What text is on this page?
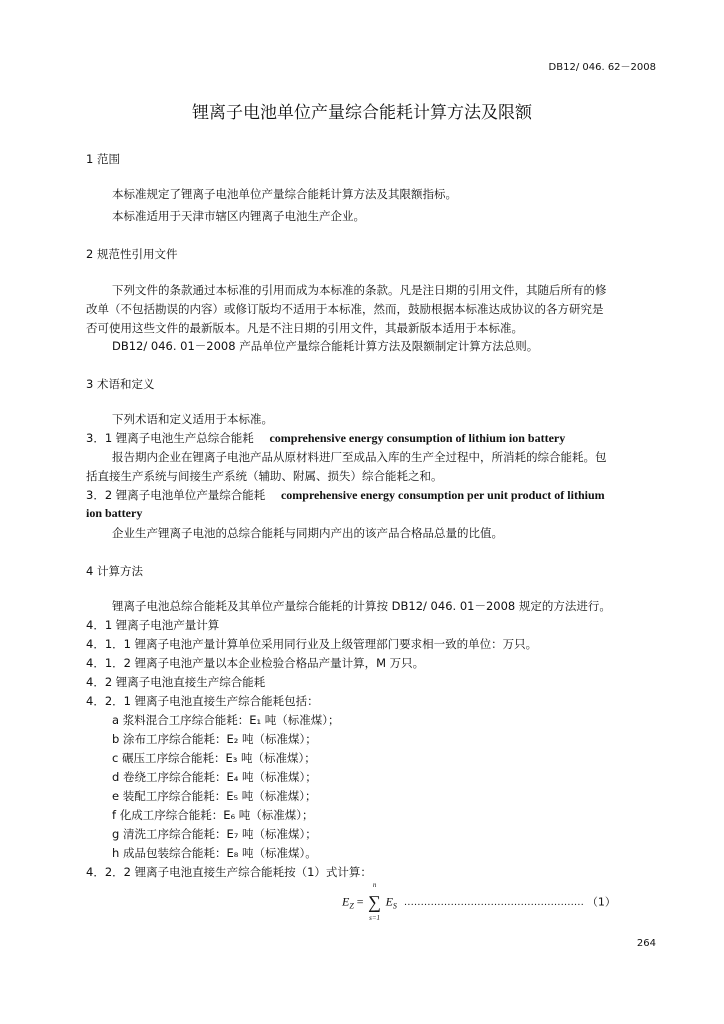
DB12/ 046. 62－2008
锂离子电池单位产量综合能耗计算方法及限额
1 范围
本标准规定了锂离子电池单位产量综合能耗计算方法及其限额指标。
本标准适用于天津市辖区内锂离子电池生产企业。
2 规范性引用文件
下列文件的条款通过本标准的引用而成为本标准的条款。凡是注日期的引用文件，其随后所有的修
改单（不包括勘误的内容）或修订版均不适用于本标准，然而，鼓励根据本标准达成协议的各方研究是
否可使用这些文件的最新版本。凡是不注日期的引用文件，其最新版本适用于本标准。
DB12/ 046. 01－2008 产品单位产量综合能耗计算方法及限额制定计算方法总则。
3 术语和定义
下列术语和定义适用于本标准。
3．1 锂离子电池生产总综合能耗 comprehensive energy consumption of lithium ion battery
报告期内企业在锂离子电池产品从原材料进厂至成品入库的生产全过程中，所消耗的综合能耗。包
括直接生产系统与间接生产系统（辅助、附属、损失）综合能耗之和。
3．2 锂离子电池单位产量综合能耗 comprehensive energy consumption per unit product of lithium
ion battery
企业生产锂离子电池的总综合能耗与同期内产出的该产品合格品总量的比值。
4 计算方法
锂离子电池总综合能耗及其单位产量综合能耗的计算按 DB12/ 046. 01－2008 规定的方法进行。
4．1 锂离子电池产量计算
4．1．1 锂离子电池产量计算单位采用同行业及上级管理部门要求相一致的单位：万只。
4．1．2 锂离子电池产量以本企业检验合格品产量计算，M 万只。
4．2 锂离子电池直接生产综合能耗
4．2．1 锂离子电池直接生产综合能耗包括：
a 浆料混合工序综合能耗：E₁ 吨（标准煤）；
b 涂布工序综合能耗：E₂ 吨（标准煤）；
c 碾压工序综合能耗：E₃ 吨（标准煤）；
d 卷绕工序综合能耗：E₄ 吨（标准煤）；
e 装配工序综合能耗：E₅ 吨（标准煤）；
f 化成工序综合能耗：E₆ 吨（标准煤）；
g 清洗工序综合能耗：E₇ 吨（标准煤）；
h 成品包装综合能耗：E₈ 吨（标准煤）。
4．2．2 锂离子电池直接生产综合能耗按（1）式计算：
$E_Z$ =
n
∑
s=1
$E_S$ ……………………………………………… （1）
264
